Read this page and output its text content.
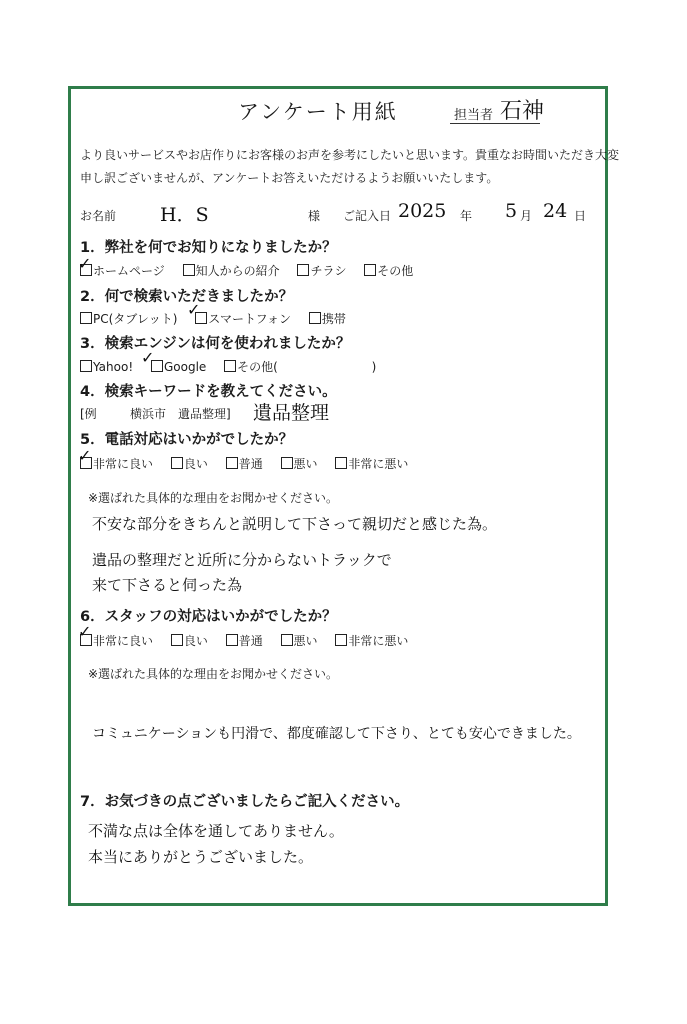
アンケート用紙	担当者 石神
より良いサービスやお店作りにお客様のお声を参考にしたいと思います。貴重なお時間いただき大変
申し訳ございませんが、アンケートお答えいただけるようお願いいたします。
お名前 H．S	様 ご記入日 2025 年 5 月 24 日
1．弊社を何でお知りになりましたか？
ホームページ	知人からの紹介	チラシ	その他
✓
2．何で検索いただきましたか？
PC(タブレット)	スマートフォン	携帯
✓
3．検索エンジンは何を使われましたか？
Yahoo!	Google	その他(	)
✓
4．検索キーワードを教えてください。
[例	横浜市　遺品整理] 遺品整理
5．電話対応はいかがでしたか？
非常に良い	良い	普通	悪い	非常に悪い
✓
※選ばれた具体的な理由をお聞かせください。
不安な部分をきちんと説明して下さって親切だと感じた為。
遺品の整理だと近所に分からないトラックで
来て下さると伺った為
6．スタッフの対応はいかがでしたか？
非常に良い	良い	普通	悪い	非常に悪い
✓
※選ばれた具体的な理由をお聞かせください。
コミュニケーションも円滑で、都度確認して下さり、とても安心できました。
7．お気づきの点ございましたらご記入ください。
不満な点は全体を通してありません。
本当にありがとうございました。
